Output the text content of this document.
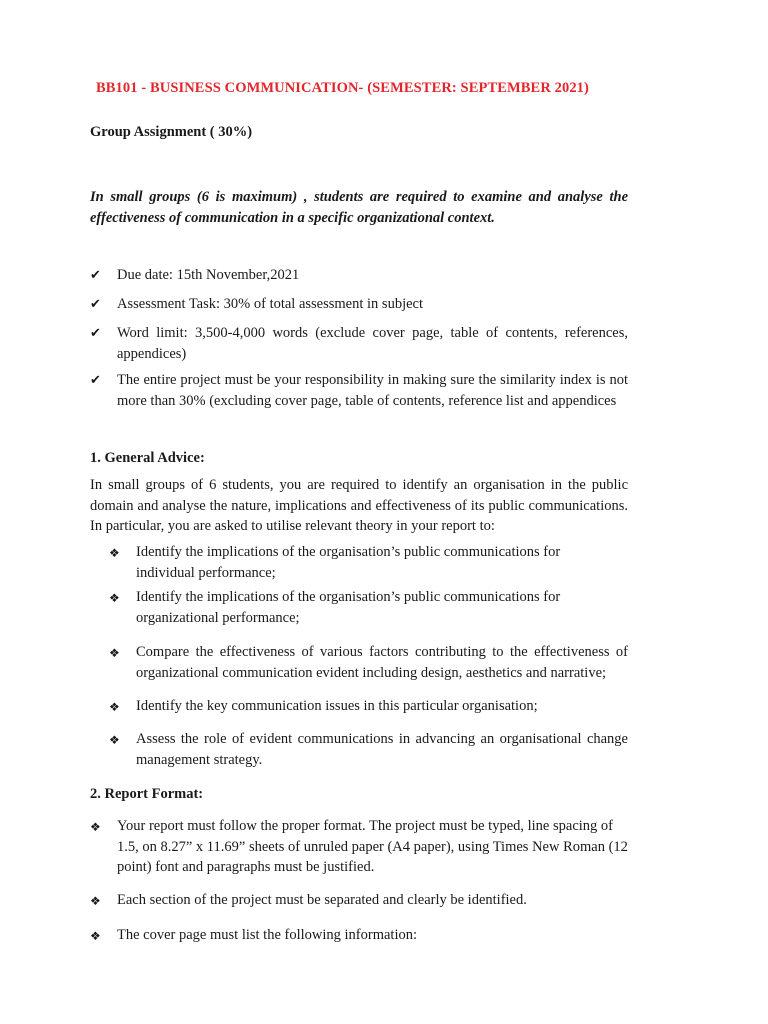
BB101 - BUSINESS COMMUNICATION- (SEMESTER: SEPTEMBER 2021)
Group Assignment ( 30%)
In small groups (6 is maximum) , students are required to examine and analyse the effectiveness of communication in a specific organizational context.
✔	Due date: 15th November,2021
✔	Assessment Task: 30% of total assessment in subject
✔	Word limit: 3,500-4,000 words (exclude cover page, table of contents, references, appendices)
✔	The entire project must be your responsibility in making sure the similarity index is not more than 30% (excluding cover page, table of contents, reference list and appendices
1. General Advice:
In small groups of 6 students, you are required to identify an organisation in the public domain and analyse the nature, implications and effectiveness of its public communications. In particular, you are asked to utilise relevant theory in your report to:
❖	Identify the implications of the organisation’s public communications for individual performance;
❖	Identify the implications of the organisation’s public communications for organizational performance;
❖	Compare the effectiveness of various factors contributing to the effectiveness of organizational communication evident including design, aesthetics and narrative;
❖	Identify the key communication issues in this particular organisation;
❖	Assess the role of evident communications in advancing an organisational change management strategy.
2. Report Format:
❖	Your report must follow the proper format. The project must be typed, line spacing of 1.5, on 8.27” x 11.69” sheets of unruled paper (A4 paper), using Times New Roman (12 point) font and paragraphs must be justified.
❖	Each section of the project must be separated and clearly be identified.
❖	The cover page must list the following information:
